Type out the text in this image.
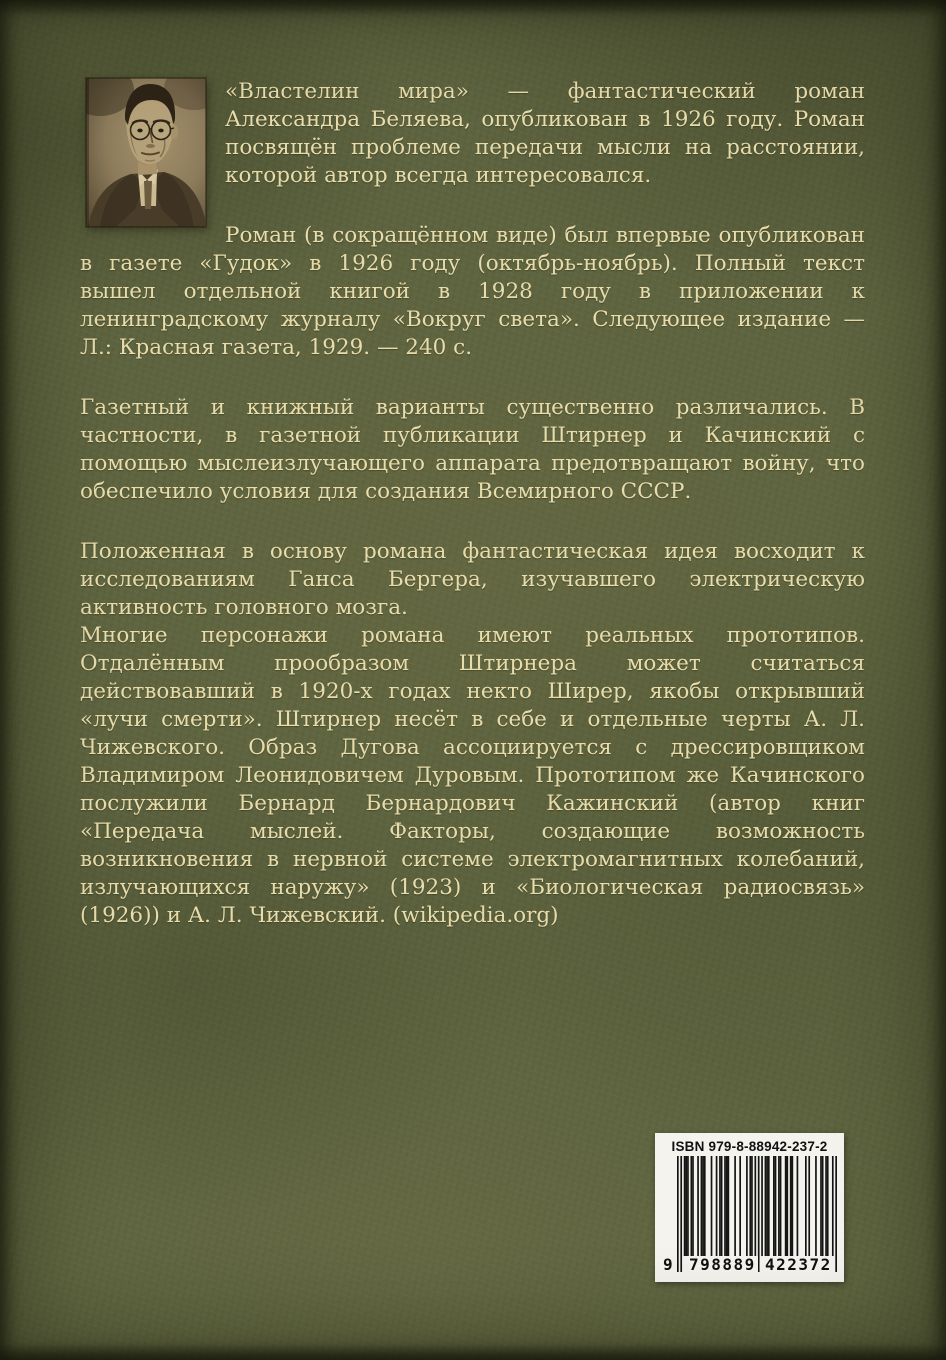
«Властелин мира» — фантастический роман Александра Беляева, опубликован в 1926 году. Роман посвящён проблеме передачи мысли на расстоянии, которой автор всегда интересовался.

Роман (в сокращённом виде) был впервые опубликован в газете «Гудок» в 1926 году (октябрь-ноябрь). Полный текст вышел отдельной книгой в 1928 году в приложении к ленинградскому журналу «Вокруг света». Следующее издание — Л.: Красная газета, 1929. — 240 с.

Газетный и книжный варианты существенно различались. В частности, в газетной публикации Штирнер и Качинский с помощью мыслеизлучающего аппарата предотвращают войну, что обеспечило условия для создания Всемирного СССР.

Положенная в основу романа фантастическая идея восходит к исследованиям Ганса Бергера, изучавшего электрическую активность головного мозга.

Многие персонажи романа имеют реальных прототипов. Отдалённым прообразом Штирнера может считаться действовавший в 1920-х годах некто Ширер, якобы открывший «лучи смерти». Штирнер несёт в себе и отдельные черты А. Л. Чижевского. Образ Дугова ассоциируется с дрессировщиком Владимиром Леонидовичем Дуровым. Прототипом же Качинского послужили Бернард Бернардович Кажинский (автор книг «Передача мыслей. Факторы, создающие возможность возникновения в нервной системе электромагнитных колебаний, излучающихся наружу» (1923) и «Биологическая радиосвязь» (1926)) и А. Л. Чижевский. (wikipedia.org)

ISBN 979-8-88942-237-2
9 798889 422372
